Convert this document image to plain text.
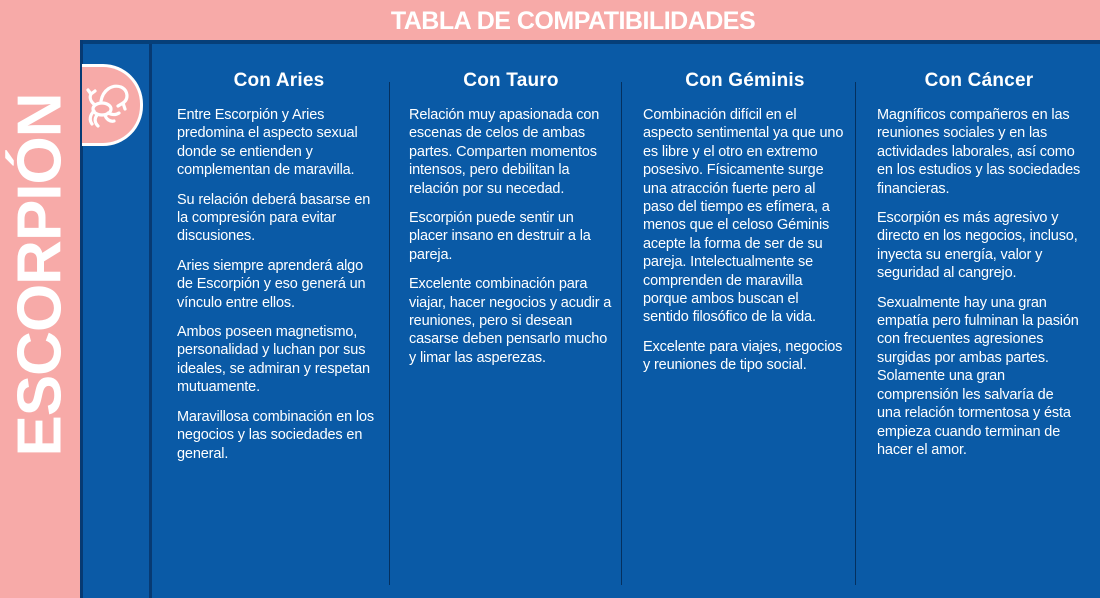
TABLA DE COMPATIBILIDADES
ESCORPIÓN
Con Aries

Entre Escorpión y Aries predomina el aspecto sexual donde se entienden y complementan de maravilla.

Su relación deberá basarse en la compresión para evitar discusiones.

Aries siempre aprenderá algo de Escorpión y eso generá un vínculo entre ellos.

Ambos poseen magnetismo, personalidad y luchan por sus ideales, se admiran y respetan mutuamente.

Maravillosa combinación en los negocios y las sociedades en general.

Con Tauro

Relación muy apasionada con escenas de celos de ambas partes. Comparten momentos intensos, pero debilitan la relación por su necedad.

Escorpión puede sentir un placer insano en destruir a la pareja.

Excelente combinación para viajar, hacer negocios y acudir a reuniones, pero si desean casarse deben pensarlo mucho y limar las asperezas.

Con Géminis

Combinación difícil en el aspecto sentimental ya que uno es libre y el otro en extremo posesivo. Físicamente surge una atracción fuerte pero al paso del tiempo es efímera, a menos que el celoso Géminis acepte la forma de ser de su pareja. Intelectualmente se comprenden de maravilla porque ambos buscan el sentido filosófico de la vida.

Excelente para viajes, negocios y reuniones de tipo social.

Con Cáncer

Magníficos compañeros en las reuniones sociales y en las actividades laborales, así como en los estudios y las sociedades financieras.

Escorpión es más agresivo y directo en los negocios, incluso, inyecta su energía, valor y seguridad al cangrejo.

Sexualmente hay una gran empatía pero fulminan la pasión con frecuentes agresiones surgidas por ambas partes. Solamente una gran comprensión les salvaría de una relación tormentosa y ésta empieza cuando terminan de hacer el amor.
